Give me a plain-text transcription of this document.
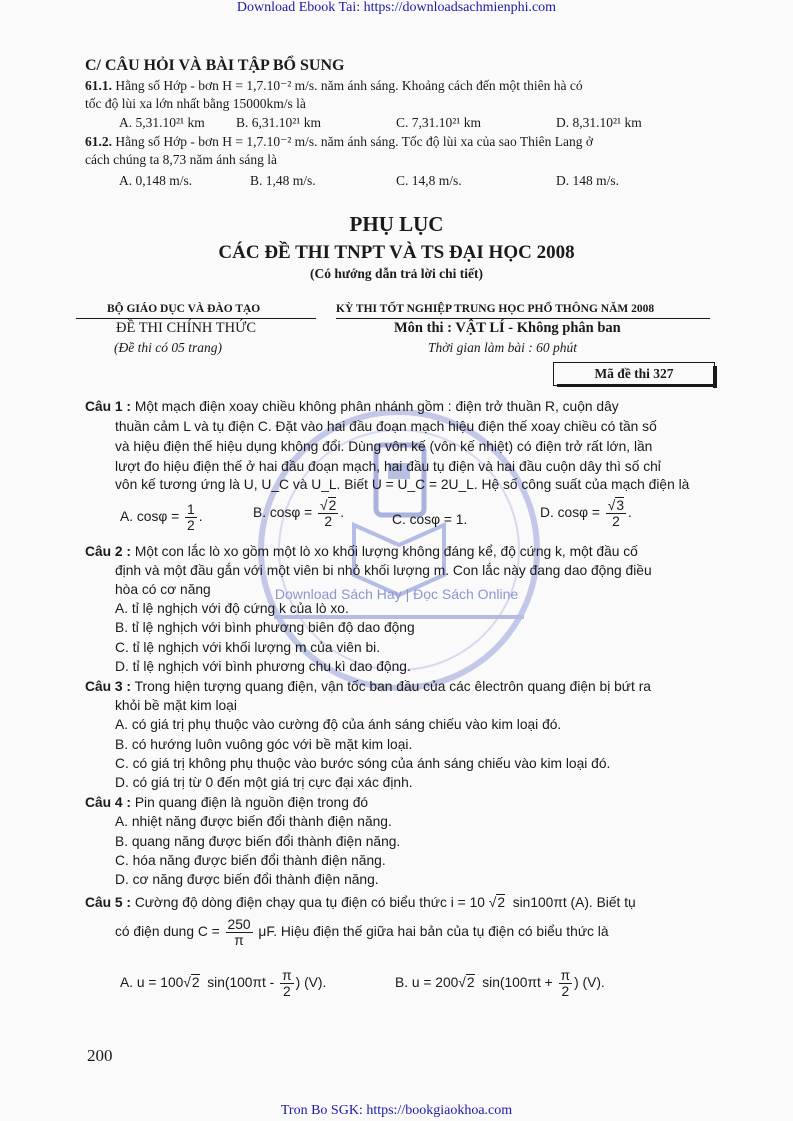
Download Ebook Tai: https://downloadsachmienphi.com
Download Sách Hay | Đọc Sách Online
C/ CÂU HỎI VÀ BÀI TẬP BỔ SUNG
61.1. Hằng số Hớp - bơn H = 1,7.10⁻² m/s. năm ánh sáng. Khoảng cách đến một thiên hà có
tốc độ lùi xa lớn nhất bằng 15000km/s là
A. 5,31.10²¹ km B. 6,31.10²¹ km	C. 7,31.10²¹ km	D. 8,31.10²¹ km
61.2. Hằng số Hớp - bơn H = 1,7.10⁻² m/s. năm ánh sáng. Tốc độ lùi xa của sao Thiên Lang ở
cách chúng ta 8,73 năm ánh sáng là
A. 0,148 m/s.	B. 1,48 m/s.	C. 14,8 m/s.	D. 148 m/s.
PHỤ LỤC
CÁC ĐỀ THI TNPT VÀ TS ĐẠI HỌC 2008
(Có hướng dẫn trả lời chi tiết)
BỘ GIÁO DỤC VÀ ĐÀO TẠO
ĐỀ THI CHÍNH THỨC
(Đề thi có 05 trang)
KỲ THI TỐT NGHIỆP TRUNG HỌC PHỔ THÔNG NĂM 2008
Môn thi : VẬT LÍ - Không phân ban
Thời gian làm bài : 60 phút
Mã đề thi 327
Câu 1 : Một mạch điện xoay chiều không phân nhánh gồm : điện trở thuần R, cuộn dây
thuần cảm L và tụ điện C. Đặt vào hai đầu đoạn mạch hiệu điện thế xoay chiều có tần số
và hiệu điện thế hiệu dụng không đổi. Dùng vôn kế (vôn kế nhiệt) có điện trở rất lớn, lần
lượt đo hiệu điện thế ở hai đầu đoạn mạch, hai đầu tụ điện và hai đầu cuộn dây thì số chỉ
vôn kế tương ứng là U, U_C và U_L. Biết U = U_C = 2U_L. Hệ số công suất của mạch điện là
A. $\cos\varphi = \frac{1}{2}$ .	B. $\cos\varphi = \frac{√2}{2}$ .	C. cosφ = 1.	D. $\cos\varphi = \frac{√3}{2}$ .
Câu 2 : Một con lắc lò xo gồm một lò xo khối lượng không đáng kể, độ cứng k, một đầu cố
định và một đầu gắn với một viên bi nhỏ khối lượng m. Con lắc này đang dao động điều
hòa có cơ năng
A. tỉ lệ nghịch với độ cứng k của lò xo.
B. tỉ lệ nghịch với bình phương biên độ dao động
C. tỉ lệ nghịch với khối lượng m của viên bi.
D. tỉ lệ nghịch với bình phương chu kì dao động.
Câu 3 : Trong hiện tượng quang điện, vận tốc ban đầu của các êlectrôn quang điện bị bứt ra
khỏi bề mặt kim loại
A. có giá trị phụ thuộc vào cường độ của ánh sáng chiếu vào kim loại đó.
B. có hướng luôn vuông góc với bề mặt kim loại.
C. có giá trị không phụ thuộc vào bước sóng của ánh sáng chiếu vào kim loại đó.
D. có giá trị từ 0 đến một giá trị cực đại xác định.
Câu 4 : Pin quang điện là nguồn điện trong đó
A. nhiệt năng được biến đổi thành điện năng.
B. quang năng được biến đổi thành điện năng.
C. hóa năng được biến đổi thành điện năng.
D. cơ năng được biến đổi thành điện năng.
Câu 5 : Cường độ dòng điện chạy qua tụ điện có biểu thức i = 10 √2 sin100πt (A). Biết tụ
có điện dung $C = \frac{250}{\pi} \mu F$. Hiệu điện thế giữa hai bản của tụ điện có biểu thức là
A. u = 100√2 $\sin(100\pi t - \frac{\pi}{2}$ ) (V).	B. u = 200√2 $\sin(100\pi t + \frac{\pi}{2}$ ) (V).
200
Tron Bo SGK: https://bookgiaokhoa.com
